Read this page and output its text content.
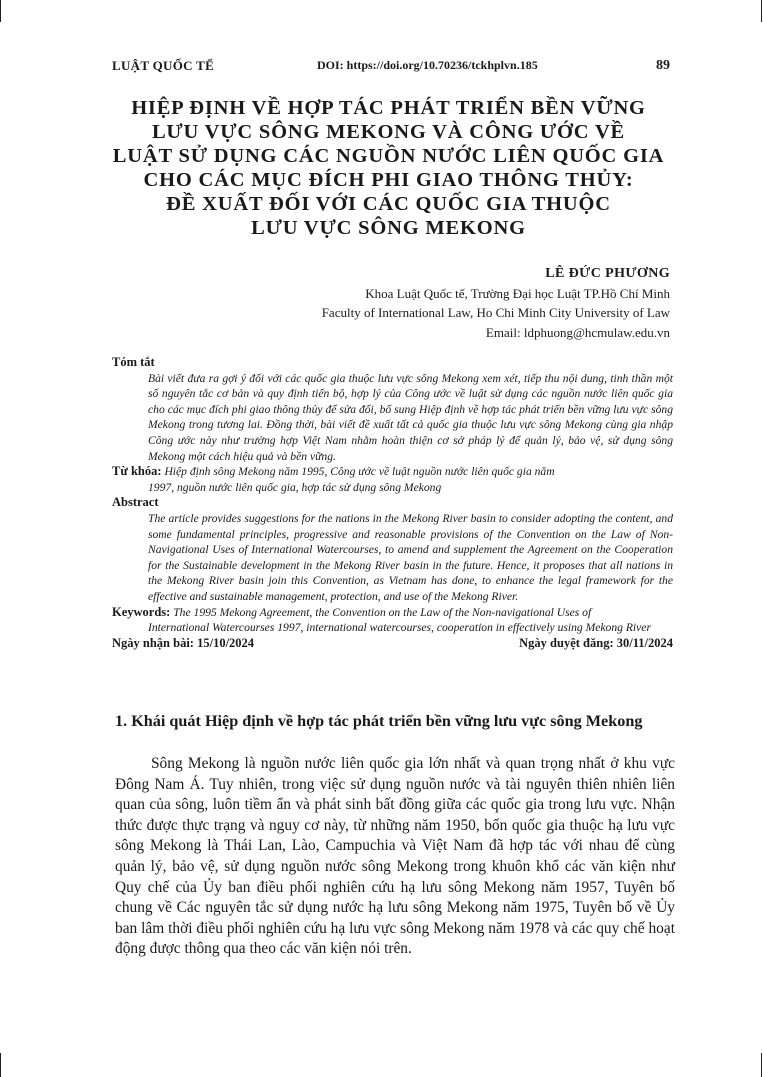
LUẬT QUỐC TẾ	DOI: https://doi.org/10.70236/tckhplvn.185	89
HIỆP ĐỊNH VỀ HỢP TÁC PHÁT TRIỂN BỀN VỮNG
LƯU VỰC SÔNG MEKONG VÀ CÔNG ƯỚC VỀ
LUẬT SỬ DỤNG CÁC NGUỒN NƯỚC LIÊN QUỐC GIA
CHO CÁC MỤC ĐÍCH PHI GIAO THÔNG THỦY:
ĐỀ XUẤT ĐỐI VỚI CÁC QUỐC GIA THUỘC
LƯU VỰC SÔNG MEKONG
LÊ ĐỨC PHƯƠNG
Khoa Luật Quốc tế, Trường Đại học Luật TP.Hồ Chí Minh
Faculty of International Law, Ho Chi Minh City University of Law
Email: ldphuong@hcmulaw.edu.vn
Tóm tắt
Bài viết đưa ra gợi ý đối với các quốc gia thuộc lưu vực sông Mekong xem xét, tiếp thu nội dung, tinh thần một số nguyên tắc cơ bản và quy định tiến bộ, hợp lý của Công ước về luật sử dụng các nguồn nước liên quốc gia cho các mục đích phi giao thông thủy để sửa đổi, bổ sung Hiệp định về hợp tác phát triển bền vững lưu vực sông Mekong trong tương lai. Đồng thời, bài viết đề xuất tất cả quốc gia thuộc lưu vực sông Mekong cùng gia nhập Công ước này như trường hợp Việt Nam nhằm hoàn thiện cơ sở pháp lý để quản lý, bảo vệ, sử dụng sông Mekong một cách hiệu quả và bền vững.
Từ khóa: Hiệp định sông Mekong năm 1995, Công ước về luật nguồn nước liên quốc gia năm
1997, nguồn nước liên quốc gia, hợp tác sử dụng sông Mekong
Abstract
The article provides suggestions for the nations in the Mekong River basin to consider adopting the content, and some fundamental principles, progressive and reasonable provisions of the Convention on the Law of Non-Navigational Uses of International Watercourses, to amend and supplement the Agreement on the Cooperation for the Sustainable development in the Mekong River basin in the future. Hence, it proposes that all nations in the Mekong River basin join this Convention, as Vietnam has done, to enhance the legal framework for the effective and sustainable management, protection, and use of the Mekong River.
Keywords: The 1995 Mekong Agreement, the Convention on the Law of the Non-navigational Uses of
International Watercourses 1997, international watercourses, cooperation in effectively using Mekong River
Ngày nhận bài: 15/10/2024	Ngày duyệt đăng: 30/11/2024
1. Khái quát Hiệp định về hợp tác phát triển bền vững lưu vực sông Mekong

Sông Mekong là nguồn nước liên quốc gia lớn nhất và quan trọng nhất ở khu vực Đông Nam Á. Tuy nhiên, trong việc sử dụng nguồn nước và tài nguyên thiên nhiên liên quan của sông, luôn tiềm ẩn và phát sinh bất đồng giữa các quốc gia trong lưu vực. Nhận thức được thực trạng và nguy cơ này, từ những năm 1950, bốn quốc gia thuộc hạ lưu vực sông Mekong là Thái Lan, Lào, Campuchia và Việt Nam đã hợp tác với nhau để cùng quản lý, bảo vệ, sử dụng nguồn nước sông Mekong trong khuôn khổ các văn kiện như Quy chế của Ủy ban điều phối nghiên cứu hạ lưu sông Mekong năm 1957, Tuyên bố chung về Các nguyên tắc sử dụng nước hạ lưu sông Mekong năm 1975, Tuyên bố về Ủy ban lâm thời điều phối nghiên cứu hạ lưu vực sông Mekong năm 1978 và các quy chế hoạt động được thông qua theo các văn kiện nói trên.
